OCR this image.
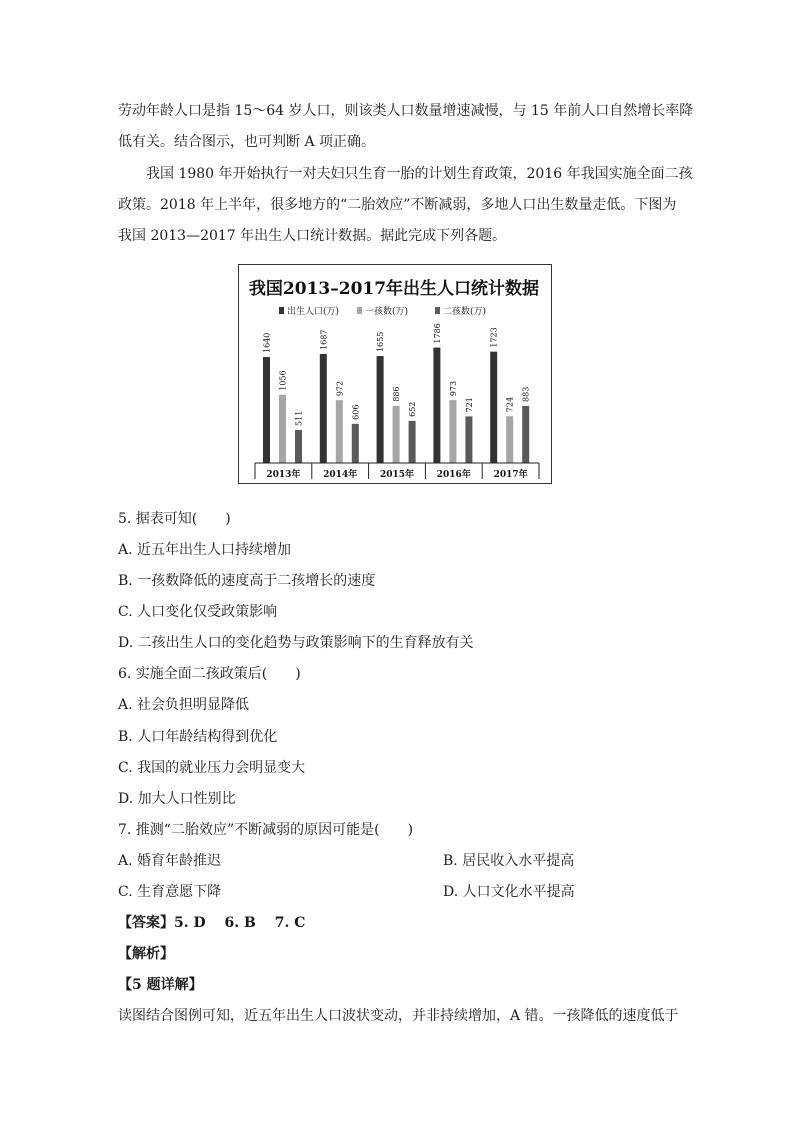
劳动年龄人口是指 15～64 岁人口，则该类人口数量增速减慢，与 15 年前人口自然增长率降
低有关。结合图示，也可判断 A 项正确。
我国 1980 年开始执行一对夫妇只生育一胎的计划生育政策，2016 年我国实施全面二孩
政策。2018 年上半年，很多地方的“二胎效应”不断减弱，多地人口出生数量走低。下图为
我国 2013—2017 年出生人口统计数据。据此完成下列各题。
我国2013–2017年出生人口统计数据
出生人口(万)	一孩数(万)	二孩数(万)
1640
1056
511
1687
972
606
1655
886
652
1786
973
721
1723
724
883
2013年	2014年	2015年	2016年	2017年
5. 据表可知(　　)
A. 近五年出生人口持续增加
B. 一孩数降低的速度高于二孩增长的速度
C. 人口变化仅受政策影响
D. 二孩出生人口的变化趋势与政策影响下的生育释放有关
6. 实施全面二孩政策后(　　)
A. 社会负担明显降低
B. 人口年龄结构得到优化
C. 我国的就业压力会明显变大
D. 加大人口性别比
7. 推测“二胎效应”不断减弱的原因可能是(　　)
A. 婚育年龄推迟	B. 居民收入水平提高
C. 生育意愿下降	D. 人口文化水平提高
【答案】5. D　 6. B　 7. C
【解析】
【5 题详解】
读图结合图例可知，近五年出生人口波状变动，并非持续增加，A 错。一孩降低的速度低于
